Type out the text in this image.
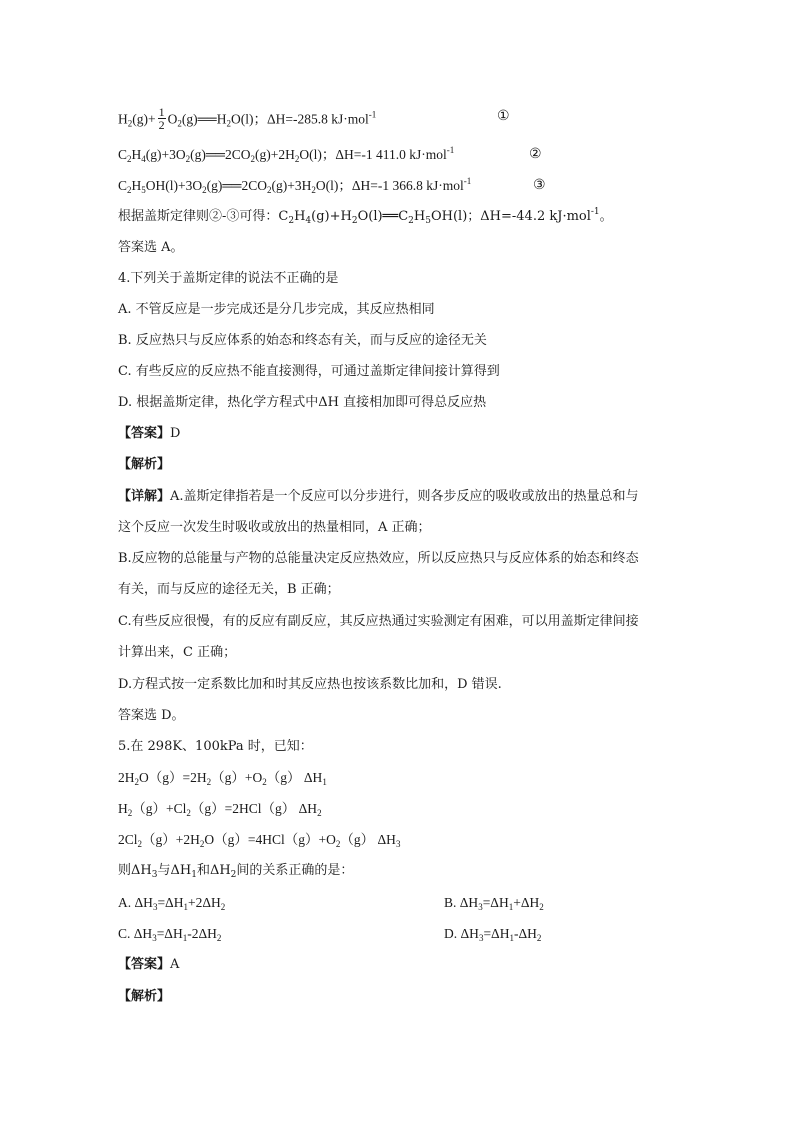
$H_2(g)+ \frac{1}{2}$ $O_2(g)══H_2O(l)$；ΔH=-285.8 kJ·mol$^{-1}$	①
$C_2H_4(g)+3O_2(g)══2CO_2(g)+2H_2O(l)$；ΔH=-1 411.0 kJ·mol$^{-1}$	②
$C_2H_5OH(l)+3O_2(g)══2CO_2(g)+3H_2O(l)$；ΔH=-1 366.8 kJ·mol$^{-1}$	③
根据盖斯定律则②-③可得：$C_2H_4(g)+H_2O(l)══C_2H_5OH(l)$；ΔH=-44.2 kJ·mol$^{-1}$。
答案选 A。
4.下列关于盖斯定律的说法不正确的是
A. 不管反应是一步完成还是分几步完成，其反应热相同
B. 反应热只与反应体系的始态和终态有关，而与反应的途径无关
C. 有些反应的反应热不能直接测得，可通过盖斯定律间接计算得到
D. 根据盖斯定律，热化学方程式中ΔH 直接相加即可得总反应热
【答案】D
【解析】
【详解】A.盖斯定律指若是一个反应可以分步进行，则各步反应的吸收或放出的热量总和与
这个反应一次发生时吸收或放出的热量相同，A 正确；
B.反应物的总能量与产物的总能量决定反应热效应，所以反应热只与反应体系的始态和终态
有关，而与反应的途径无关，B 正确；
C.有些反应很慢，有的反应有副反应，其反应热通过实验测定有困难，可以用盖斯定律间接
计算出来，C 正确；
D.方程式按一定系数比加和时其反应热也按该系数比加和，D 错误.
答案选 D。
5.在 298K、100kPa 时，已知：
$2H_2O(g)=2H_2(g)+O_2(g)$ $\Delta H_1$
$H_2(g)+Cl_2(g)=2HCl(g)$ $\Delta H_2$
$2Cl_2(g)+2H_2O(g)=4HCl(g)+O_2(g)$ $\Delta H_3$
则$\Delta H_3$与$\Delta H_1$和$\Delta H_2$间的关系正确的是：
A. $\Delta H_3=\Delta H_1+2\Delta H_2$	B. $\Delta H_3=\Delta H_1+\Delta H_2$
C. $\Delta H_3=\Delta H_1-2\Delta H_2$	D. $\Delta H_3=\Delta H_1-\Delta H_2$
【答案】A
【解析】
